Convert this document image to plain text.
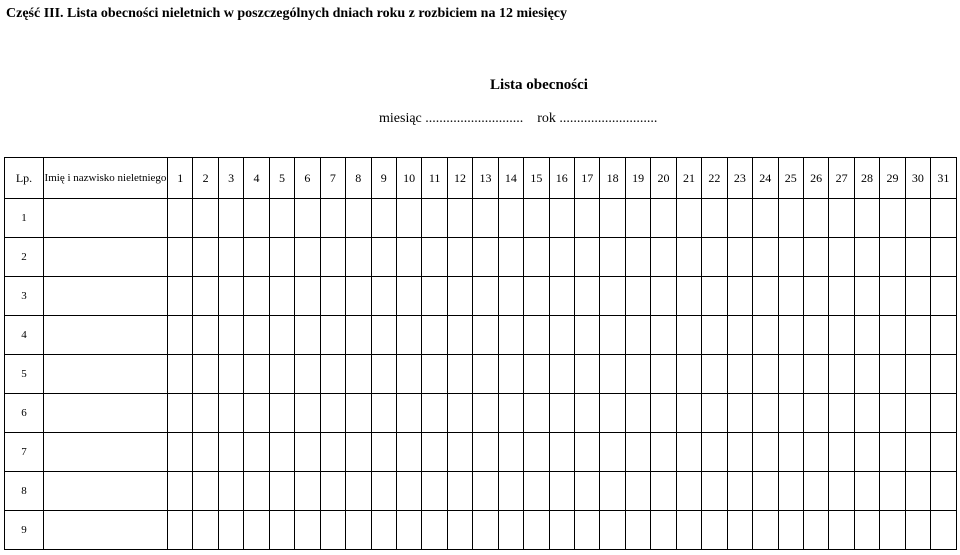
Część III. Lista obecności nieletnich w poszczególnych dniach roku z rozbiciem na 12 miesięcy
Lista obecności
miesiąc ............................ rok ............................
Lp.	Imię i nazwisko nieletniego	1	2	3	4	5	6	7	8	9	10	11	12	13	14	15	16	17	18	19	20	21	22	23	24	25	26	27	28	29	30	31
1																																
2																																
3																																
4																																
5																																
6																																
7																																
8																																
9																																
